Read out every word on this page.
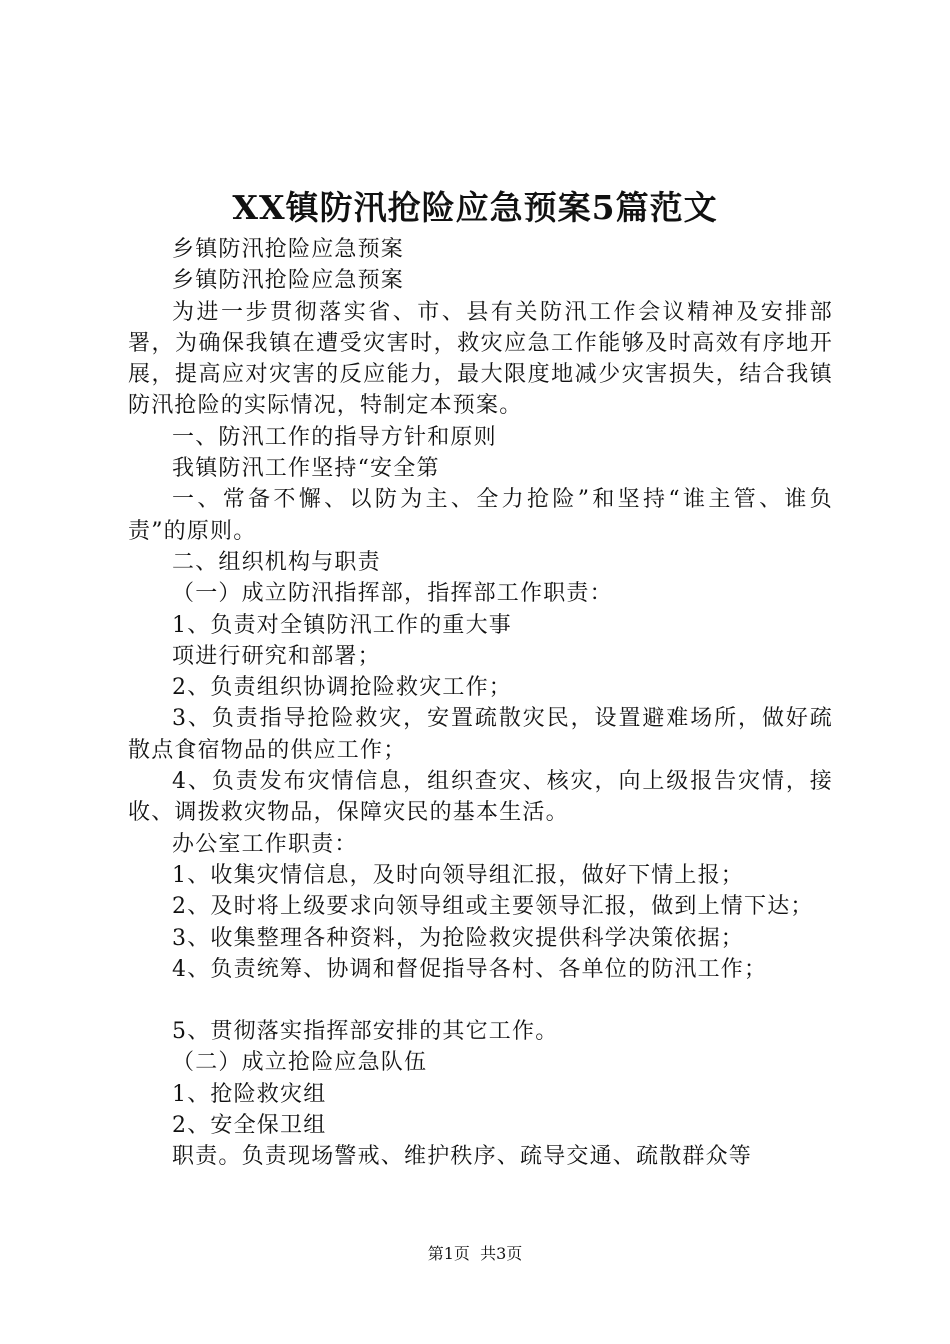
XX镇防汛抢险应急预案5篇范文

乡镇防汛抢险应急预案

乡镇防汛抢险应急预案

为进一步贯彻落实省、市、县有关防汛工作会议精神及安排部署，为确保我镇在遭受灾害时，救灾应急工作能够及时高效有序地开展，提高应对灾害的反应能力，最大限度地减少灾害损失，结合我镇防汛抢险的实际情况，特制定本预案。

一、防汛工作的指导方针和原则

我镇防汛工作坚持“安全第

一、常备不懈、以防为主、全力抢险”和坚持“谁主管、谁负责”的原则。

二、组织机构与职责

（一）成立防汛指挥部，指挥部工作职责：

1、负责对全镇防汛工作的重大事

项进行研究和部署；

2、负责组织协调抢险救灾工作；

3、负责指导抢险救灾，安置疏散灾民，设置避难场所，做好疏散点食宿物品的供应工作；

4、负责发布灾情信息，组织查灾、核灾，向上级报告灾情，接收、调拨救灾物品，保障灾民的基本生活。

办公室工作职责：

1、收集灾情信息，及时向领导组汇报，做好下情上报；

2、及时将上级要求向领导组或主要领导汇报，做到上情下达；

3、收集整理各种资料，为抢险救灾提供科学决策依据；

4、负责统筹、协调和督促指导各村、各单位的防汛工作；

5、贯彻落实指挥部安排的其它工作。

（二）成立抢险应急队伍

1、抢险救灾组

2、安全保卫组

职责。负责现场警戒、维护秩序、疏导交通、疏散群众等

第1页  共3页
